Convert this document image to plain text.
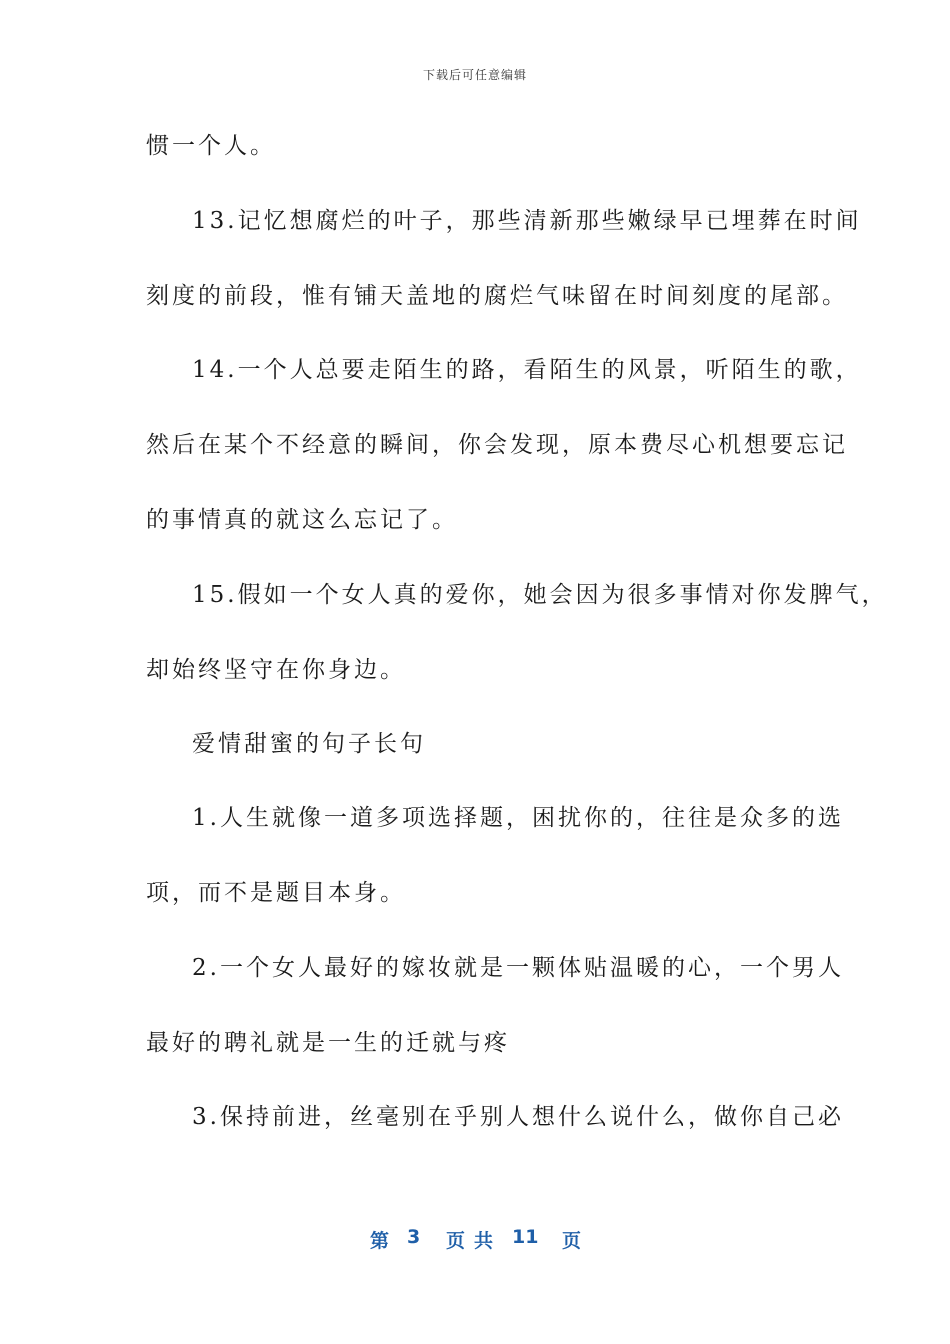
下载后可任意编辑
惯一个人。
13.记忆想腐烂的叶子，那些清新那些嫩绿早已埋葬在时间
刻度的前段，惟有铺天盖地的腐烂气味留在时间刻度的尾部。
14.一个人总要走陌生的路，看陌生的风景，听陌生的歌，
然后在某个不经意的瞬间，你会发现，原本费尽心机想要忘记
的事情真的就这么忘记了。
15.假如一个女人真的爱你，她会因为很多事情对你发脾气，
却始终坚守在你身边。
爱情甜蜜的句子长句
1.人生就像一道多项选择题，困扰你的，往往是众多的选
项，而不是题目本身。
2.一个女人最好的嫁妆就是一颗体贴温暖的心，一个男人
最好的聘礼就是一生的迁就与疼
3.保持前进，丝毫别在乎别人想什么说什么，做你自己必
第 3 页共 11 页
